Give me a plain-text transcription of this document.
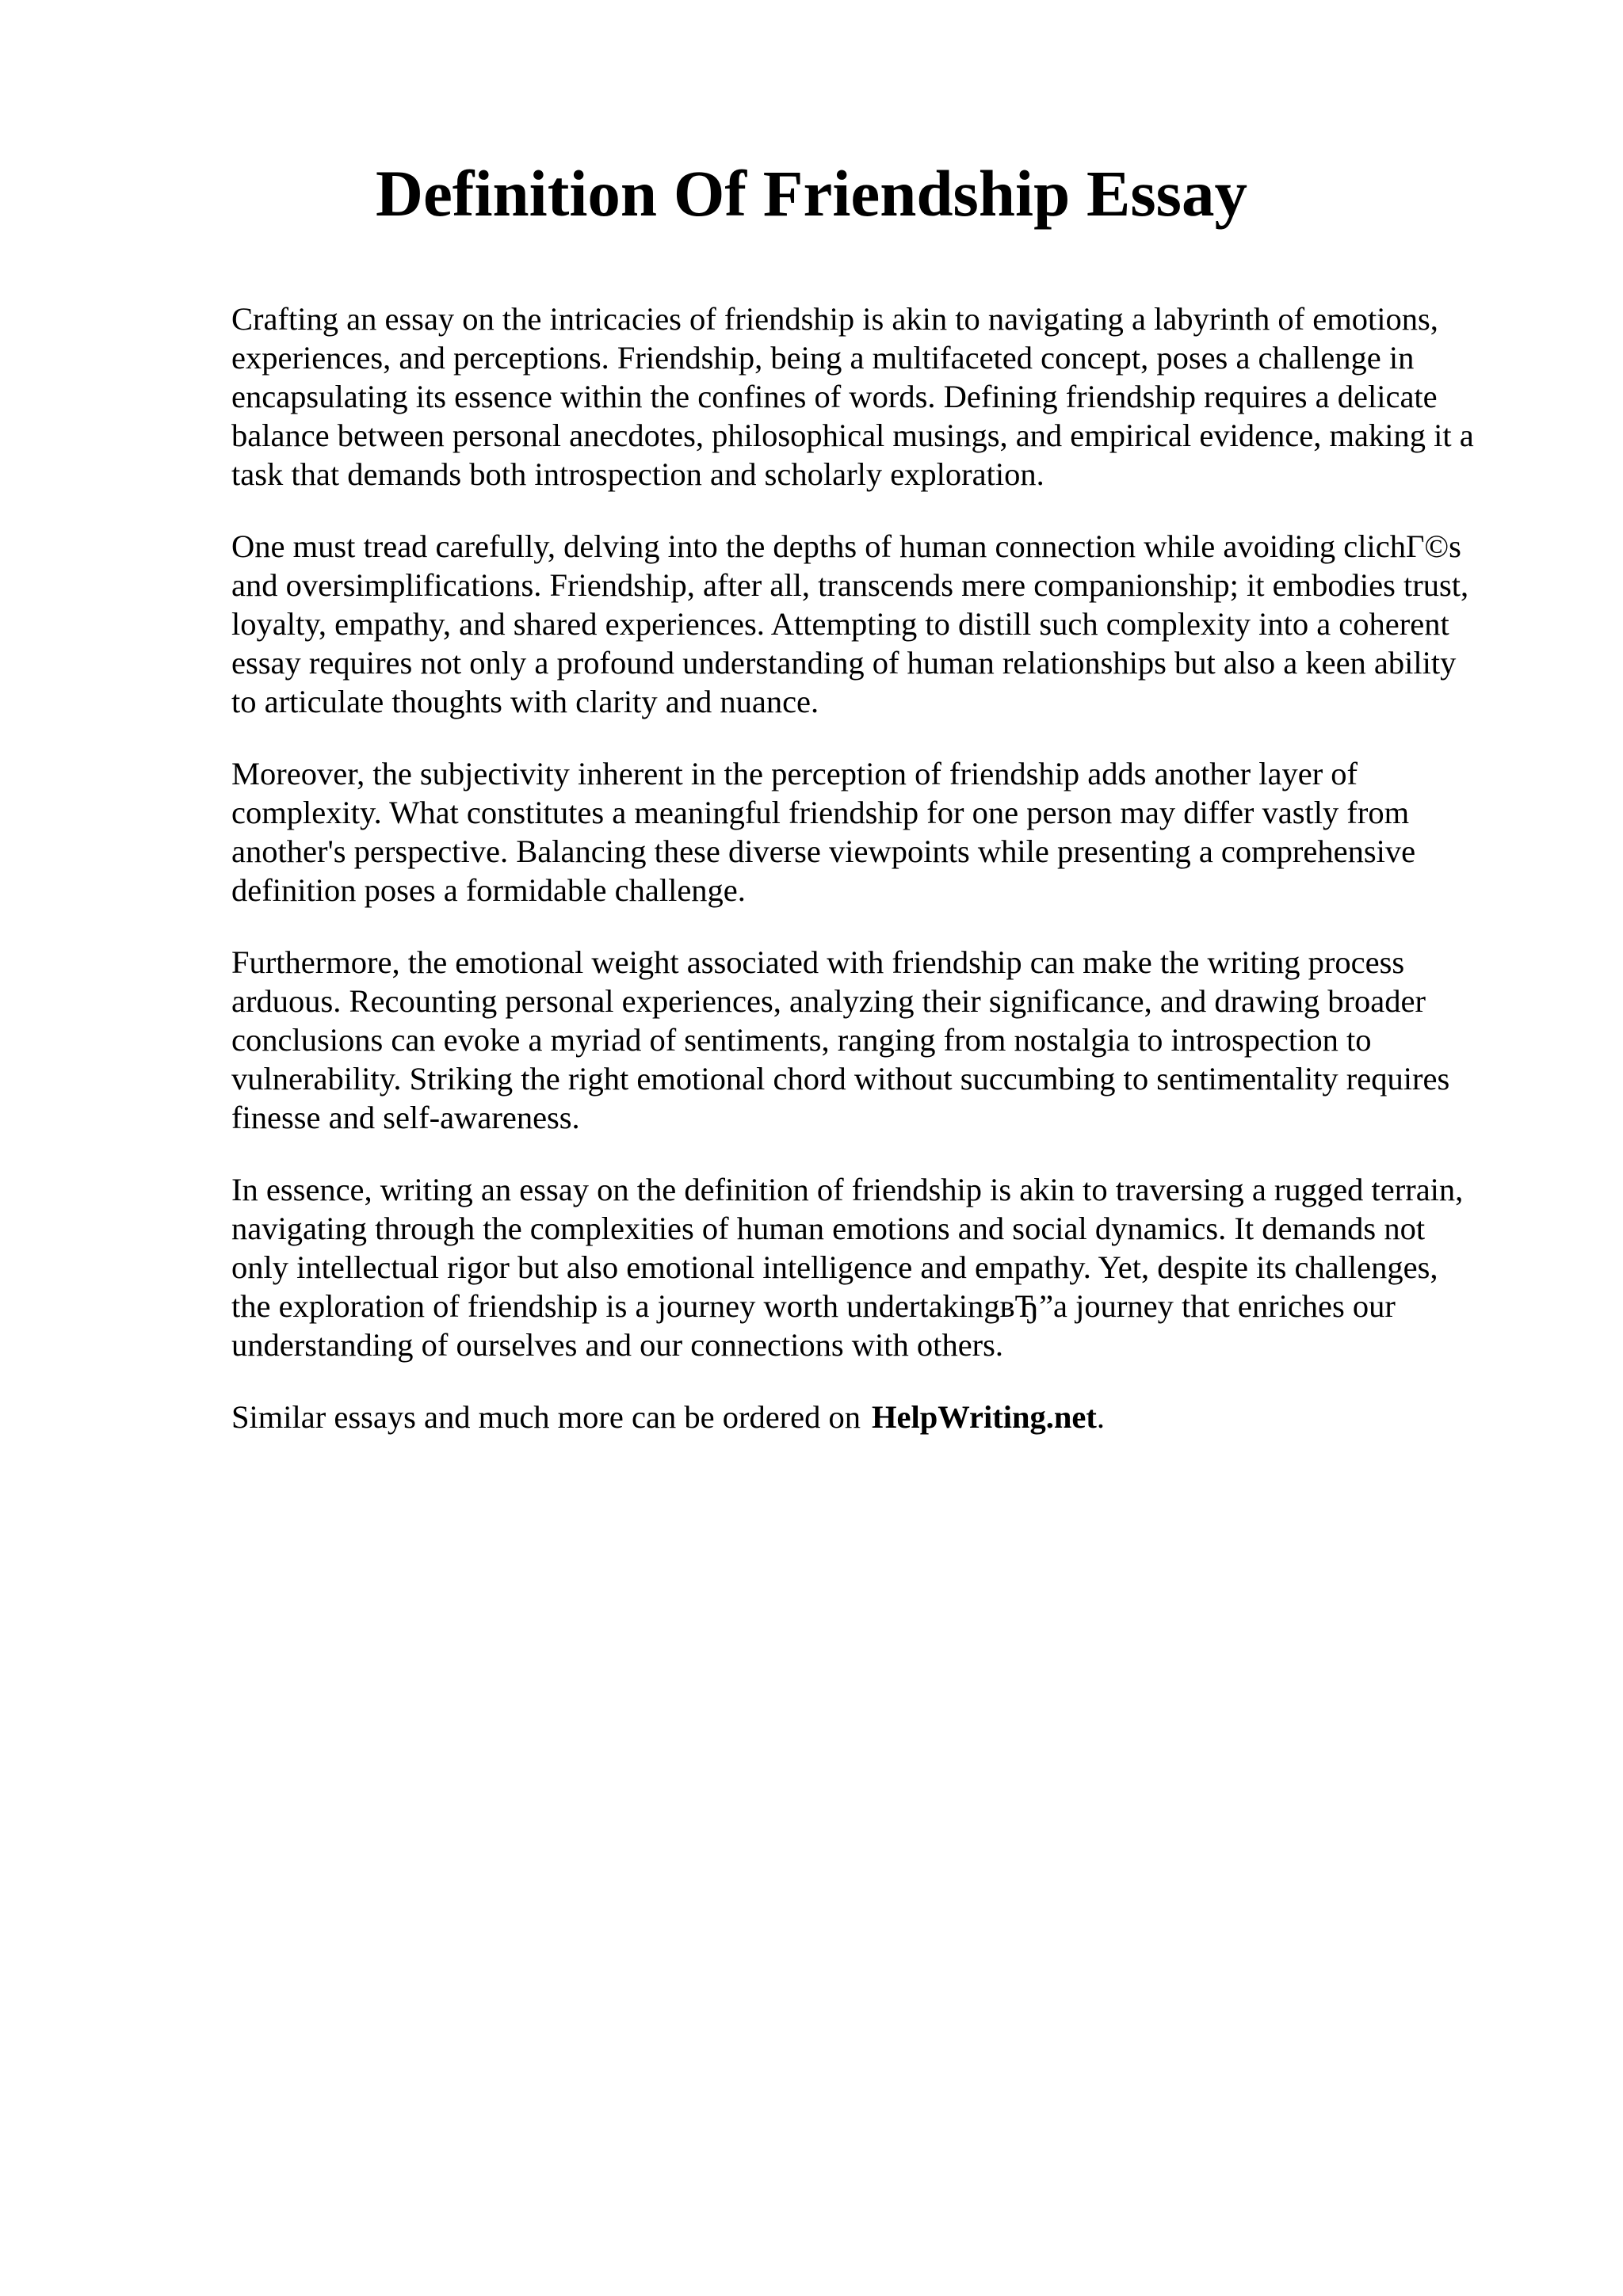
Definition Of Friendship Essay

Crafting an essay on the intricacies of friendship is akin to navigating a labyrinth of emotions,
experiences, and perceptions. Friendship, being a multifaceted concept, poses a challenge in
encapsulating its essence within the confines of words. Defining friendship requires a delicate
balance between personal anecdotes, philosophical musings, and empirical evidence, making it a
task that demands both introspection and scholarly exploration.

One must tread carefully, delving into the depths of human connection while avoiding clichГ©s
and oversimplifications. Friendship, after all, transcends mere companionship; it embodies trust,
loyalty, empathy, and shared experiences. Attempting to distill such complexity into a coherent
essay requires not only a profound understanding of human relationships but also a keen ability
to articulate thoughts with clarity and nuance.

Moreover, the subjectivity inherent in the perception of friendship adds another layer of
complexity. What constitutes a meaningful friendship for one person may differ vastly from
another's perspective. Balancing these diverse viewpoints while presenting a comprehensive
definition poses a formidable challenge.

Furthermore, the emotional weight associated with friendship can make the writing process
arduous. Recounting personal experiences, analyzing their significance, and drawing broader
conclusions can evoke a myriad of sentiments, ranging from nostalgia to introspection to
vulnerability. Striking the right emotional chord without succumbing to sentimentality requires
finesse and self-awareness.

In essence, writing an essay on the definition of friendship is akin to traversing a rugged terrain,
navigating through the complexities of human emotions and social dynamics. It demands not
only intellectual rigor but also emotional intelligence and empathy. Yet, despite its challenges,
the exploration of friendship is a journey worth undertakingвЂ”a journey that enriches our
understanding of ourselves and our connections with others.

Similar essays and much more can be ordered on HelpWriting.net.
